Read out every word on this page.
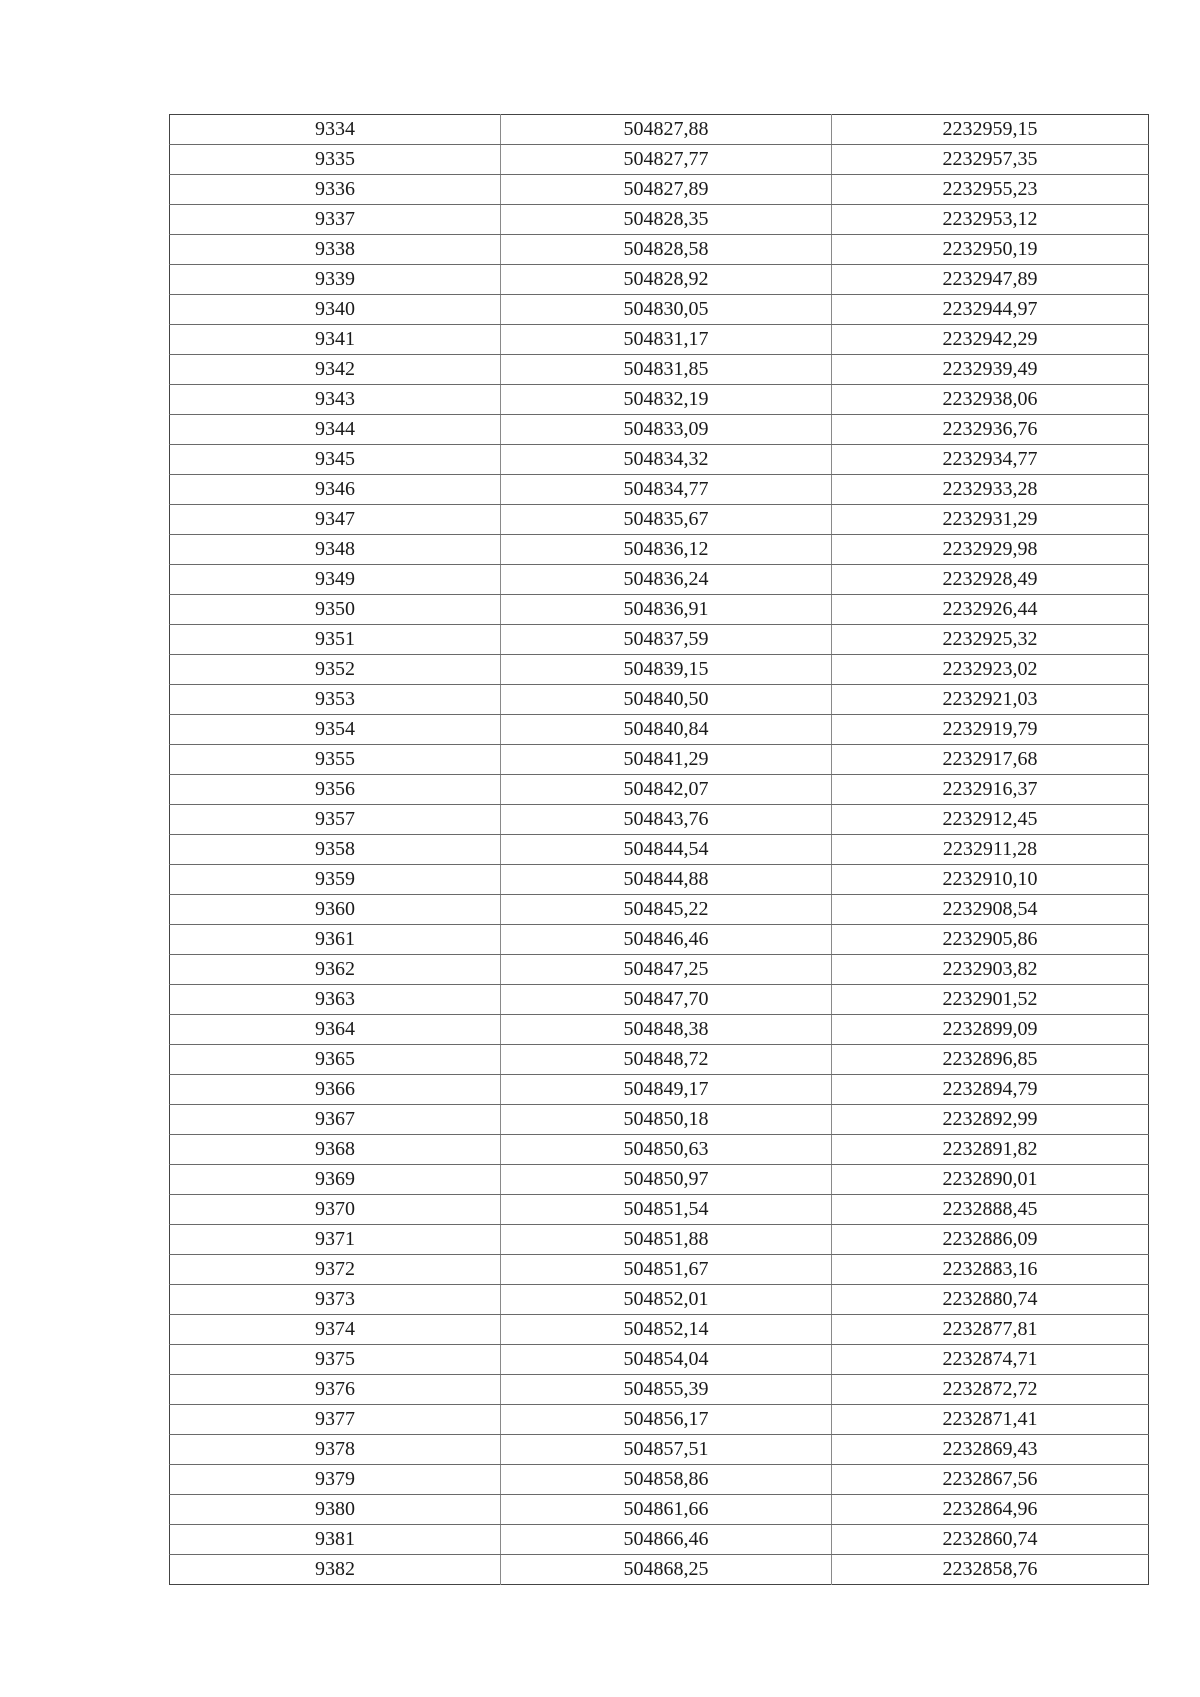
9334	504827,88	2232959,15
9335	504827,77	2232957,35
9336	504827,89	2232955,23
9337	504828,35	2232953,12
9338	504828,58	2232950,19
9339	504828,92	2232947,89
9340	504830,05	2232944,97
9341	504831,17	2232942,29
9342	504831,85	2232939,49
9343	504832,19	2232938,06
9344	504833,09	2232936,76
9345	504834,32	2232934,77
9346	504834,77	2232933,28
9347	504835,67	2232931,29
9348	504836,12	2232929,98
9349	504836,24	2232928,49
9350	504836,91	2232926,44
9351	504837,59	2232925,32
9352	504839,15	2232923,02
9353	504840,50	2232921,03
9354	504840,84	2232919,79
9355	504841,29	2232917,68
9356	504842,07	2232916,37
9357	504843,76	2232912,45
9358	504844,54	2232911,28
9359	504844,88	2232910,10
9360	504845,22	2232908,54
9361	504846,46	2232905,86
9362	504847,25	2232903,82
9363	504847,70	2232901,52
9364	504848,38	2232899,09
9365	504848,72	2232896,85
9366	504849,17	2232894,79
9367	504850,18	2232892,99
9368	504850,63	2232891,82
9369	504850,97	2232890,01
9370	504851,54	2232888,45
9371	504851,88	2232886,09
9372	504851,67	2232883,16
9373	504852,01	2232880,74
9374	504852,14	2232877,81
9375	504854,04	2232874,71
9376	504855,39	2232872,72
9377	504856,17	2232871,41
9378	504857,51	2232869,43
9379	504858,86	2232867,56
9380	504861,66	2232864,96
9381	504866,46	2232860,74
9382	504868,25	2232858,76
